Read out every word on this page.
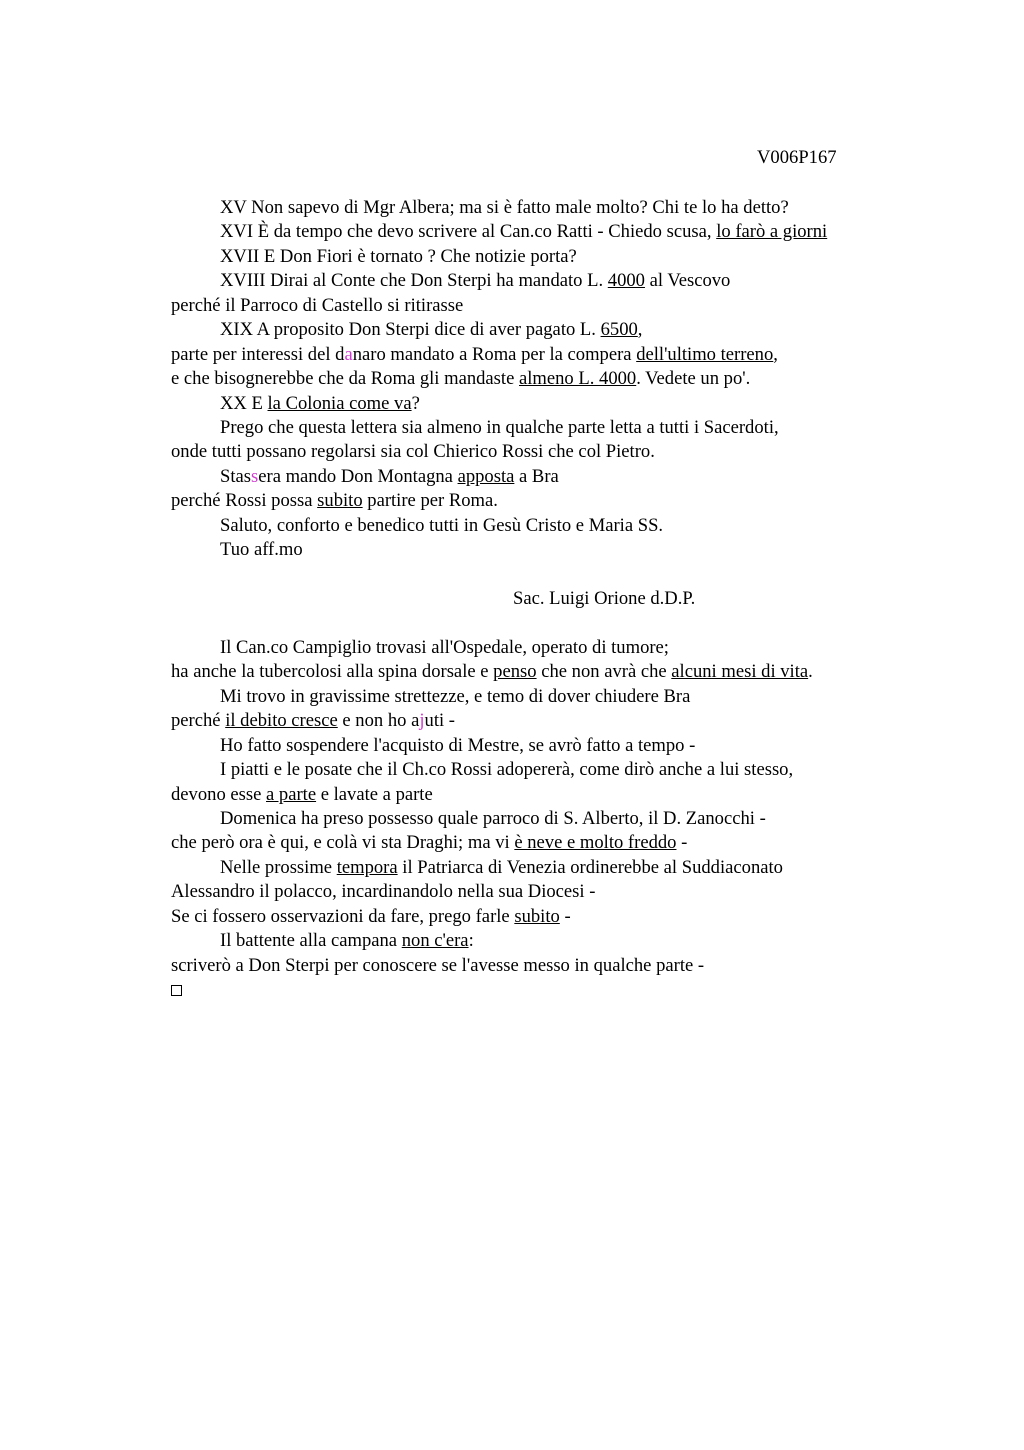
V006P167
XV Non sapevo di Mgr Albera; ma si è fatto male molto? Chi te lo ha detto?
XVI È da tempo che devo scrivere al Can.co Ratti - Chiedo scusa, lo farò a giorni
XVII E Don Fiori è tornato ? Che notizie porta?
XVIII Dirai al Conte che Don Sterpi ha mandato L. 4000 al Vescovo
perché il Parroco di Castello si ritirasse
XIX A proposito Don Sterpi dice di aver pagato L. 6500,
parte per interessi del danaro mandato a Roma per la compera dell'ultimo terreno,
e che bisognerebbe che da Roma gli mandaste almeno L. 4000. Vedete un po'.
XX E la Colonia come va?
Prego che questa lettera sia almeno in qualche parte letta a tutti i Sacerdoti,
onde tutti possano regolarsi sia col Chierico Rossi che col Pietro.
Stassera mando Don Montagna apposta a Bra
perché Rossi possa subito partire per Roma.
Saluto, conforto e benedico tutti in Gesù Cristo e Maria SS.
Tuo aff.mo
Sac. Luigi Orione d.D.P.
Il Can.co Campiglio trovasi all'Ospedale, operato di tumore;
ha anche la tubercolosi alla spina dorsale e penso che non avrà che alcuni mesi di vita.
Mi trovo in gravissime strettezze, e temo di dover chiudere Bra
perché il debito cresce e non ho ajuti -
Ho fatto sospendere l'acquisto di Mestre, se avrò fatto a tempo -
I piatti e le posate che il Ch.co Rossi adopererà, come dirò anche a lui stesso,
devono esse a parte e lavate a parte
Domenica ha preso possesso quale parroco di S. Alberto, il D. Zanocchi -
che però ora è qui, e colà vi sta Draghi; ma vi è neve e molto freddo -
Nelle prossime tempora il Patriarca di Venezia ordinerebbe al Suddiaconato
Alessandro il polacco, incardinandolo nella sua Diocesi -
Se ci fossero osservazioni da fare, prego farle subito -
Il battente alla campana non c'era:
scriverò a Don Sterpi per conoscere se l'avesse messo in qualche parte -
